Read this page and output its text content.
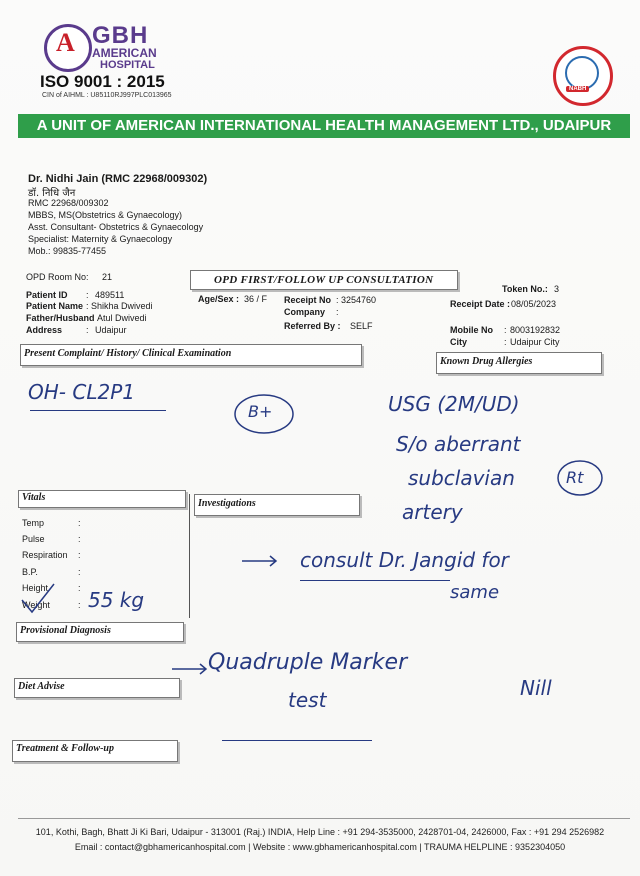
A GBH
AMERICAN
HOSPITAL
ISO 9001 : 2015
CIN of AIHML : U85110RJ997PLC013965
NABH
A UNIT OF AMERICAN INTERNATIONAL HEALTH MANAGEMENT LTD., UDAIPUR
Dr. Nidhi Jain (RMC 22968/009302)
डॉ. निधि जैन
RMC 22968/009302
MBBS, MS(Obstetrics & Gynaecology)
Asst. Consultant- Obstetrics & Gynaecology
Specialist: Maternity & Gynaecology
Mob.: 99835-77455
OPD Room No: 21	OPD FIRST/FOLLOW UP CONSULTATION
Token No.: 3
Patient ID : 489511
Patient Name : Shikha Dwivedi
Father/Husband Atul Dwivedi
Address	: Udaipur
Age/Sex : 36 / F Receipt No : 3254760
Company :
Referred By : SELF
Receipt Date : 08/05/2023
Mobile No : 8003192832
City	: Udaipur City
Present Complaint/ History/ Clinical Examination
Known Drug Allergies
Vitals
Investigations
Temp	:
Pulse	:
Respiration :
B.P.	:
Height	:
Weight	:
Provisional Diagnosis
Diet Advise
Treatment & Follow-up
OH- CL2P1
B+	USG (2M/UD)
S/o aberrant
subclavian	Rt
artery
55 kg
consult Dr. Jangid for
same
Quadruple Marker
test	Nill
101, Kothi, Bagh, Bhatt Ji Ki Bari, Udaipur - 313001 (Raj.) INDIA, Help Line : +91 294-3535000, 2428701-04, 2426000, Fax : +91 294 2526982
Email : contact@gbhamericanhospital.com | Website : www.gbhamericanhospital.com | TRAUMA HELPLINE : 9352304050
